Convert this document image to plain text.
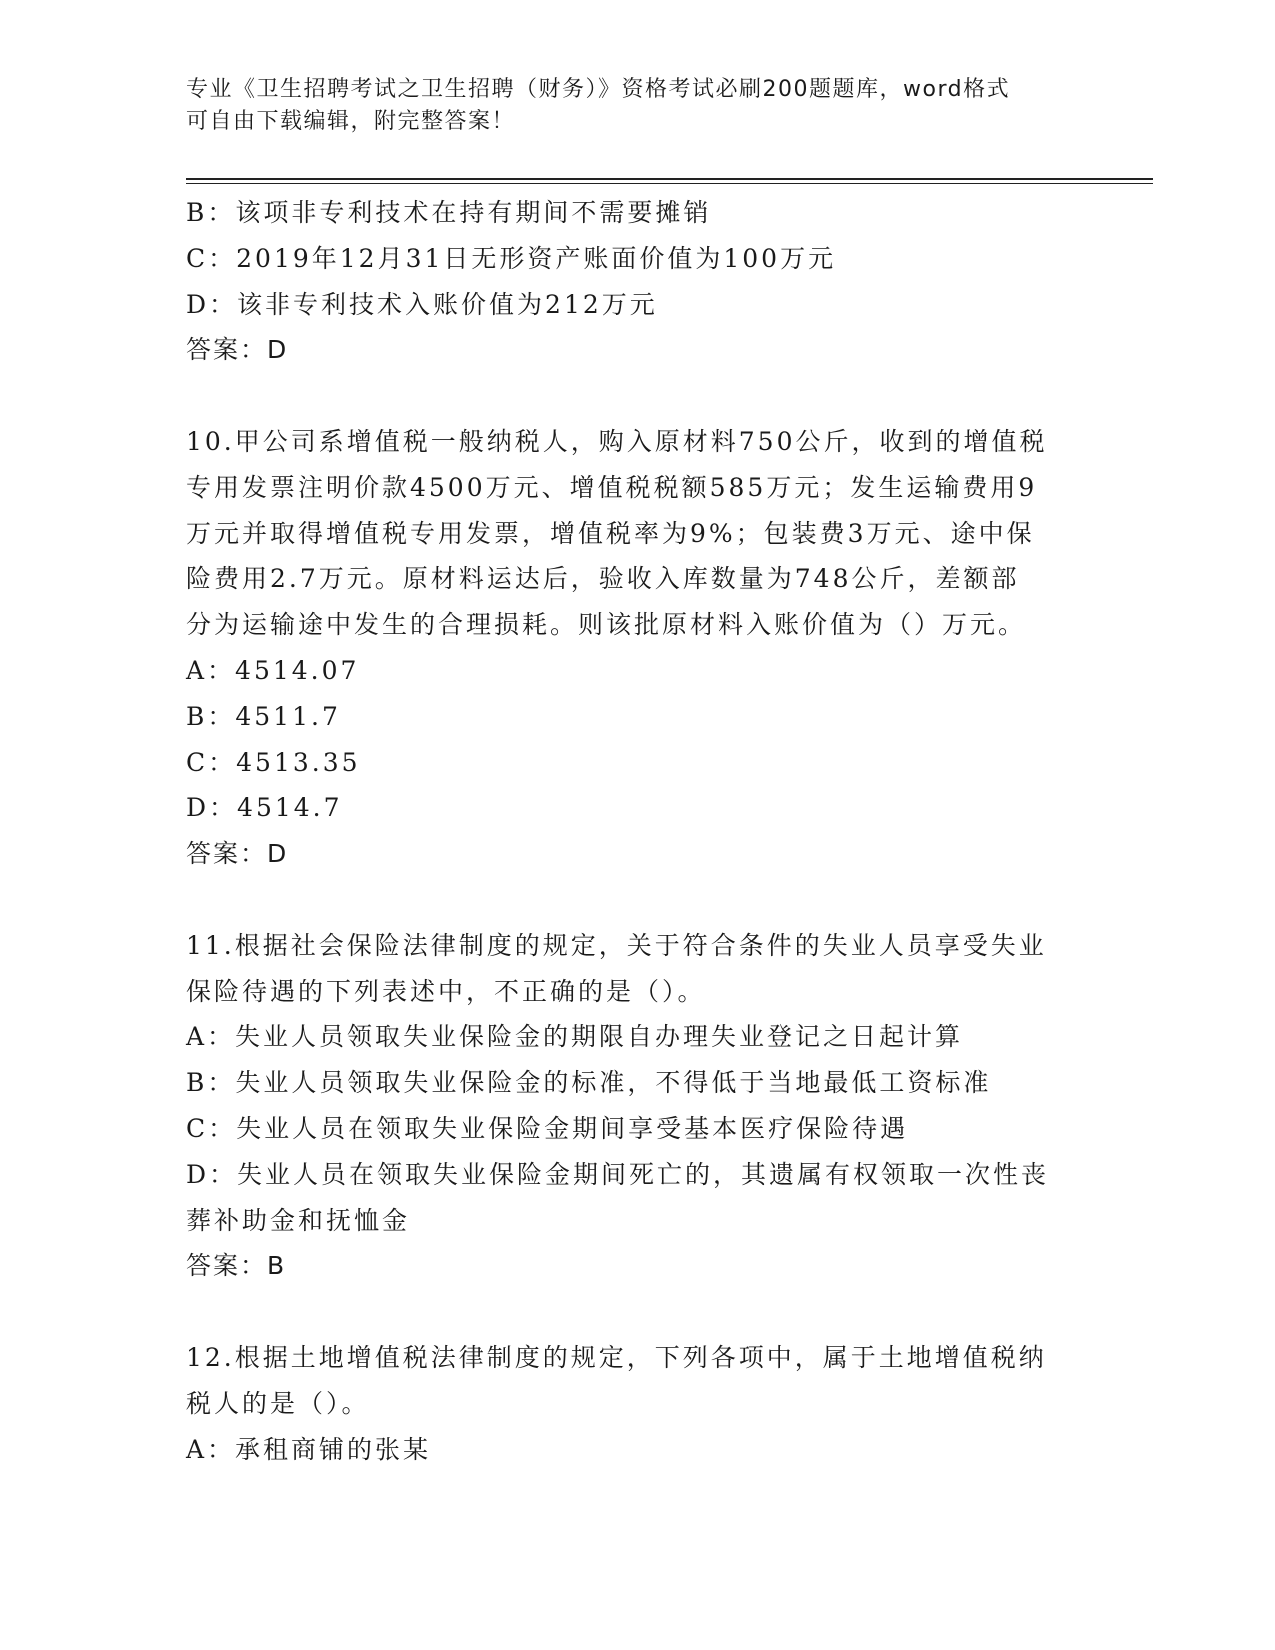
专业《卫生招聘考试之卫生招聘（财务）》资格考试必刷200题题库，word格式
可自由下载编辑，附完整答案！
B：该项非专利技术在持有期间不需要摊销
C：2019年12月31日无形资产账面价值为100万元
D：该非专利技术入账价值为212万元
答案：D
10.甲公司系增值税一般纳税人，购入原材料750公斤，收到的增值税
专用发票注明价款4500万元、增值税税额585万元；发生运输费用9
万元并取得增值税专用发票，增值税率为9%；包装费3万元、途中保
险费用2.7万元。原材料运达后，验收入库数量为748公斤，差额部
分为运输途中发生的合理损耗。则该批原材料入账价值为（）万元。
A：4514.07
B：4511.7
C：4513.35
D：4514.7
答案：D
11.根据社会保险法律制度的规定，关于符合条件的失业人员享受失业
保险待遇的下列表述中，不正确的是（）。
A：失业人员领取失业保险金的期限自办理失业登记之日起计算
B：失业人员领取失业保险金的标准，不得低于当地最低工资标准
C：失业人员在领取失业保险金期间享受基本医疗保险待遇
D：失业人员在领取失业保险金期间死亡的，其遗属有权领取一次性丧
葬补助金和抚恤金
答案：B
12.根据土地增值税法律制度的规定，下列各项中，属于土地增值税纳
税人的是（）。
A：承租商铺的张某
